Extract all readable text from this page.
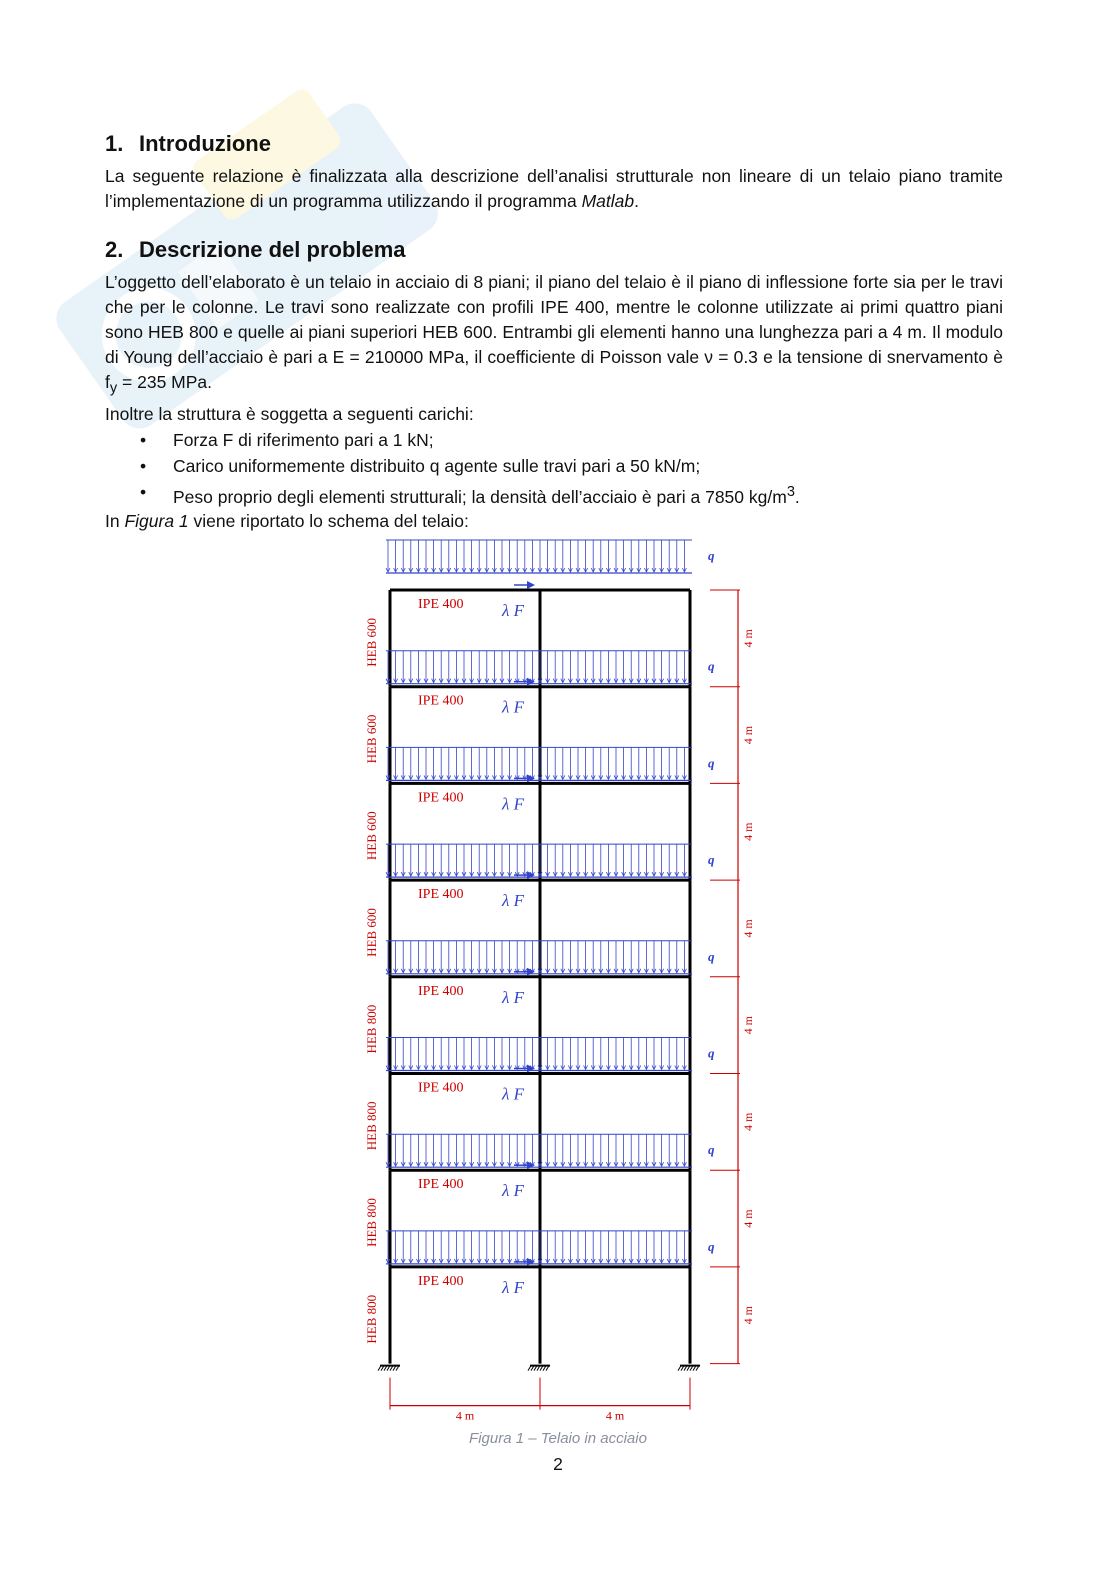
1. Introduzione

La seguente relazione è finalizzata alla descrizione dell’analisi strutturale non lineare di un telaio piano tramite l’implementazione di un programma utilizzando il programma Matlab.

2. Descrizione del problema

L’oggetto dell’elaborato è un telaio in acciaio di 8 piani; il piano del telaio è il piano di inflessione forte sia per le travi che per le colonne. Le travi sono realizzate con profili IPE 400, mentre le colonne utilizzate ai primi quattro piani sono HEB 800 e quelle ai piani superiori HEB 600. Entrambi gli elementi hanno una lunghezza pari a 4 m. Il modulo di Young dell’acciaio è pari a E = 210000 MPa, il coefficiente di Poisson vale ν = 0.3 e la tensione di snervamento è $f_y = 235$ MPa.

Inoltre la struttura è soggetta a seguenti carichi:

• Forza F di riferimento pari a 1 kN;
• Carico uniformemente distribuito q agente sulle travi pari a 50 kN/m;
• Peso proprio degli elementi strutturali; la densità dell’acciaio è pari a 7850 $kg/m^3$.

In Figura 1 viene riportato lo schema del telaio:

q
IPE 400 λ F
HEB 600	q
4 m
IPE 400 λ F
HEB 600	q
4 m
IPE 400 λ F
HEB 600	q
4 m
IPE 400 λ F
HEB 600	q
4 m
IPE 400 λ F
HEB 800	q
4 m
IPE 400 λ F
HEB 800	q
4 m
IPE 400 λ F
HEB 800	q
4 m
IPE 400 λ F
HEB 800	4 m
4 m	4 m
Figura 1 – Telaio in acciaio
2
